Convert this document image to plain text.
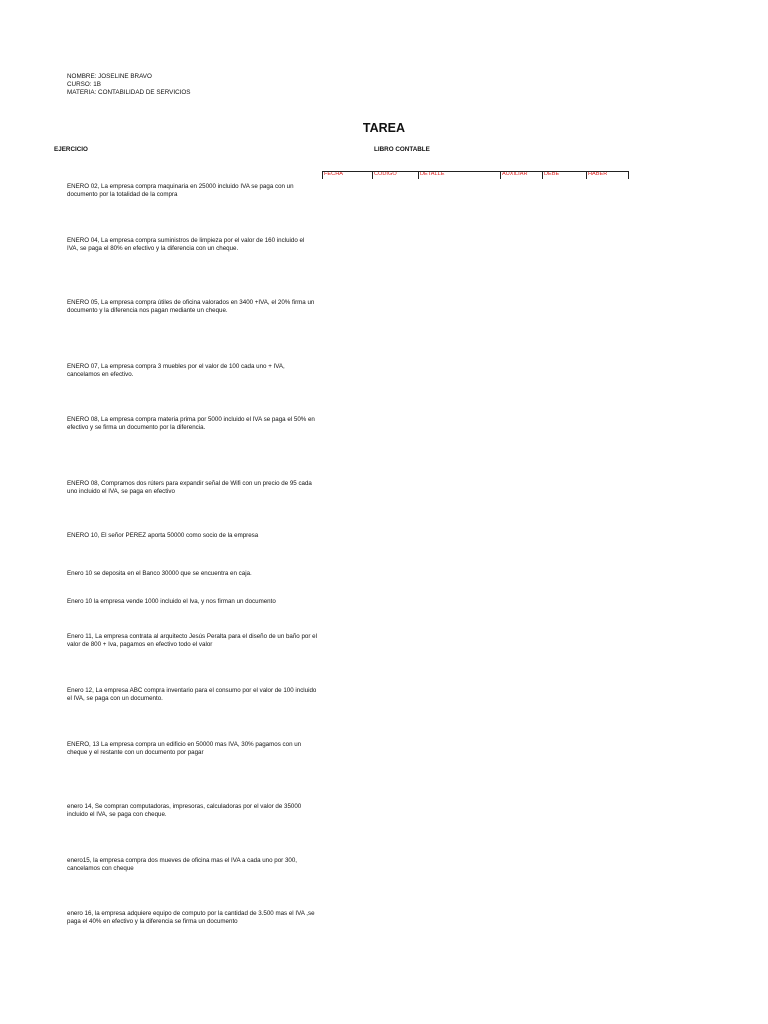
NOMBRE: JOSELINE BRAVO
CURSO: 1B
MATERIA: CONTABILIDAD DE SERVICIOS
TAREA
EJERCICIO	LIBRO CONTABLE
ENERO 02, La empresa compra maquinaria en 25000 incluido IVA se paga con un documento por la totalidad de la compra
ENERO 04, La empresa compra suministros de limpieza por el valor de 160 incluido el IVA, se paga el 80% en efectivo y la diferencia con un cheque.
ENERO 05, La empresa compra útiles de oficina valorados en 3400 +IVA, el 20% firma un documento y la diferencia nos pagan mediante un cheque.
ENERO 07, La empresa compra 3 muebles por el valor de 100 cada uno + IVA, cancelamos en efectivo.
ENERO 08, La empresa compra materia prima por 5000 incluido el IVA se paga el 50% en efectivo y se firma un documento por la diferencia.
ENERO 08, Compramos dos rúters para expandir señal de Wifi con un precio de 95 cada uno incluido el IVA, se paga en efectivo
ENERO 10, El señor PEREZ aporta 50000 como socio de la empresa
Enero 10 se deposita en el Banco 30000 que se encuentra en caja.
Enero 10 la empresa vende 1000 incluido el Iva, y nos firman un documento
Enero 11, La empresa contrata al arquitecto Jesús Peralta para el diseño de un baño por el valor de 800 + Iva, pagamos en efectivo todo el valor
Enero 12, La empresa ABC compra inventario para el consumo por el valor de 100 incluido el IVA, se paga con un documento.
ENERO, 13 La empresa compra un edificio en 50000 mas IVA, 30% pagamos con un cheque y el restante con un documento por pagar
enero 14, Se compran computadoras, impresoras, calculadoras por el valor de 35000 incluido el IVA, se paga con cheque.
enero15, la empresa compra dos mueves de oficina mas el IVA a cada uno por 300, cancelamos con cheque
enero 16, la empresa adquiere equipo de computo por la cantidad de 3.500 mas el IVA ,se paga el 40% en efectivo y la diferencia se firma un documento
FECHA	CODIGO	DETALLE	AUXILIAR	DEBE	HABER
